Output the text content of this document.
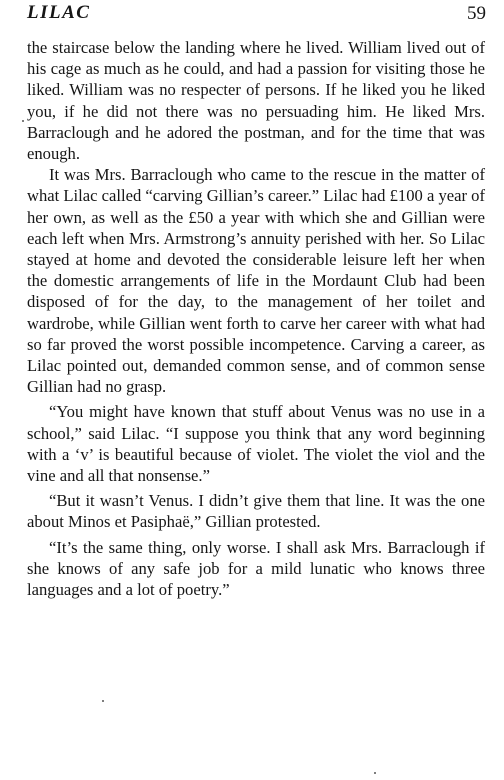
LILAC	59

the staircase below the landing where he lived. William lived out of his cage as much as he could, and had a passion for visiting those he liked. William was no respecter of persons. If he liked you he liked you, if he did not there was no persuading him. He liked Mrs. Barraclough and he adored the postman, and for the time that was enough.

It was Mrs. Barraclough who came to the rescue in the matter of what Lilac called “carving Gillian’s career.” Lilac had £100 a year of her own, as well as the £50 a year with which she and Gillian were each left when Mrs. Armstrong’s annuity perished with her. So Lilac stayed at home and devoted the considerable leisure left her when the domestic arrangements of life in the Mordaunt Club had been disposed of for the day, to the management of her toilet and wardrobe, while Gillian went forth to carve her career with what had so far proved the worst possible incompetence. Carving a career, as Lilac pointed out, demanded common sense, and of common sense Gillian had no grasp.

“You might have known that stuff about Venus was no use in a school,” said Lilac. “I suppose you think that any word beginning with a ‘v’ is beautiful because of violet. The violet the viol and the vine and all that nonsense.”

“But it wasn’t Venus. I didn’t give them that line. It was the one about Minos et Pasiphaë,” Gillian protested.

“It’s the same thing, only worse. I shall ask Mrs. Barraclough if she knows of any safe job for a mild lunatic who knows three languages and a lot of poetry.”
